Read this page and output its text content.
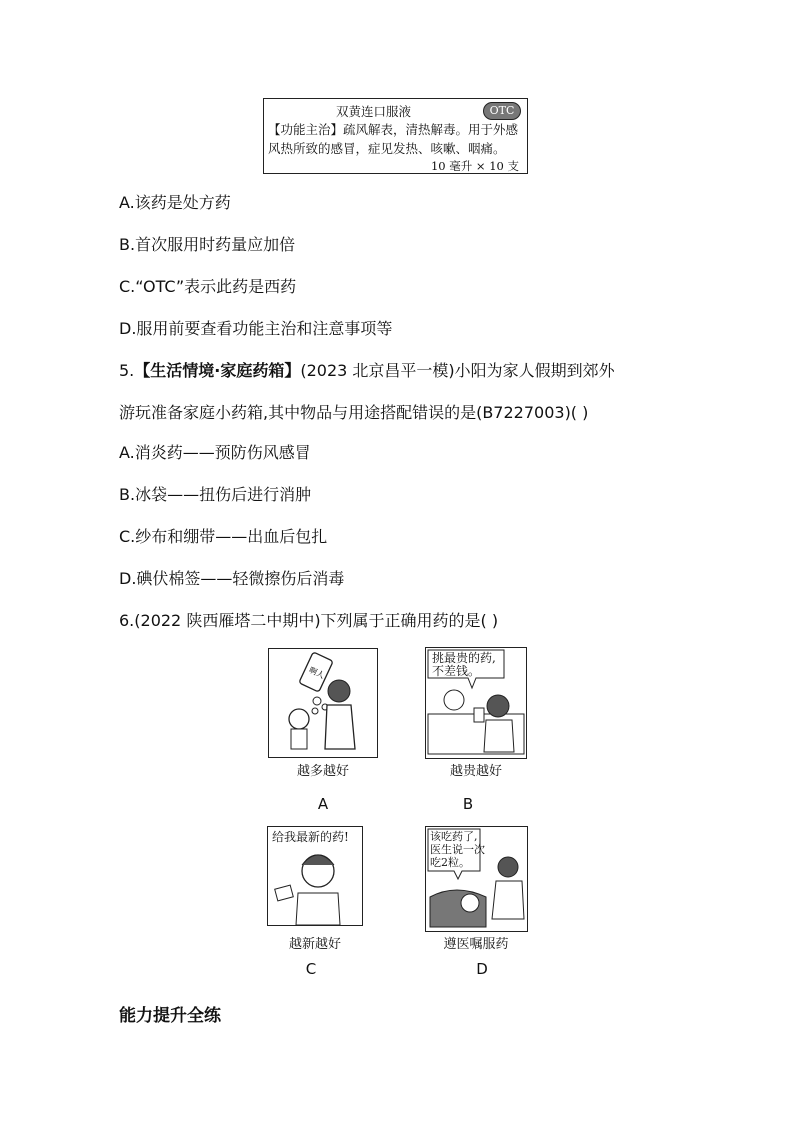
双黄连口服液	OTC
【功能主治】疏风解表，清热解毒。用于外感
风热所致的感冒，症见发热、咳嗽、咽痛。
10 毫升 × 10 支
A.该药是处方药
B.首次服用时药量应加倍
C.“OTC”表示此药是西药
D.服用前要查看功能主治和注意事项等
5.【生活情境·家庭药箱】(2023 北京昌平一模)小阳为家人假期到郊外
游玩准备家庭小药箱,其中物品与用途搭配错误的是(B7227003)( )
A.消炎药——预防伤风感冒
B.冰袋——扭伤后进行消肿
C.纱布和绷带——出血后包扎
D.碘伏棉签——轻微擦伤后消毒
6.(2022 陕西雁塔二中期中)下列属于正确用药的是( )
啊人
越多越好
A
挑最贵的药,
不差钱。
越贵越好
B
给我最新的药!
越新越好
C
该吃药了,
医生说一次
吃2粒。
遵医嘱服药
D
能力提升全练
